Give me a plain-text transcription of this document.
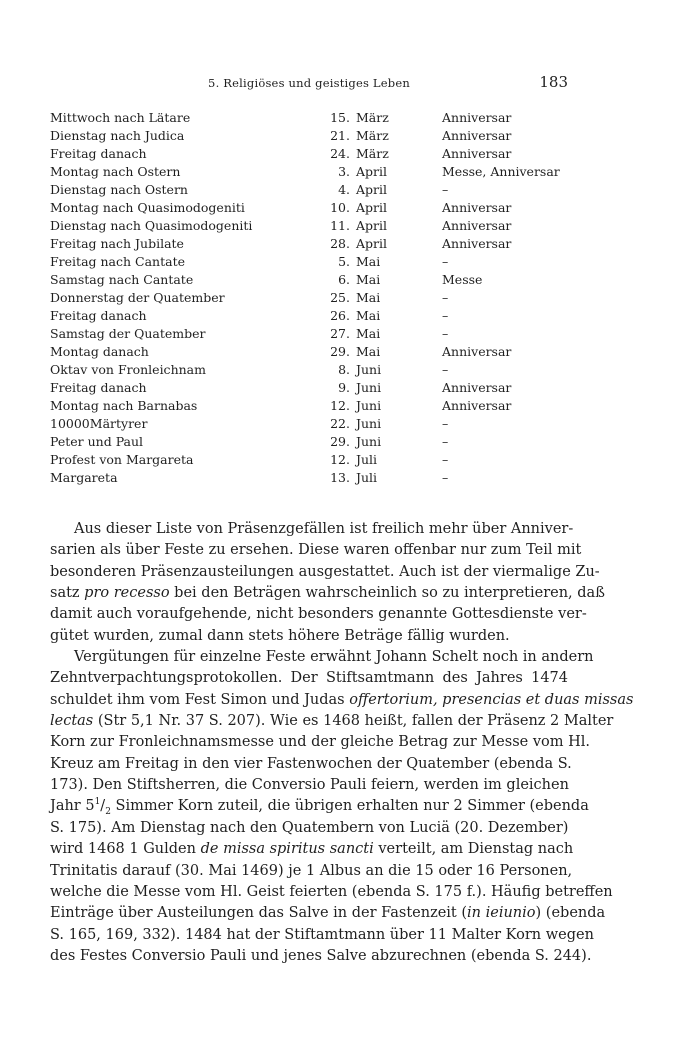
5. Religiöses und geistiges Leben	183
Mittwoch nach Lätare	15. März	Anniversar
Dienstag nach Judica	21. März	Anniversar
Freitag danach	24. März	Anniversar
Montag nach Ostern	3. April	Messe, Anniversar
Dienstag nach Ostern	4. April	–
Montag nach Quasimodogeniti	10. April	Anniversar
Dienstag nach Quasimodogeniti	11. April	Anniversar
Freitag nach Jubilate	28. April	Anniversar
Freitag nach Cantate	5. Mai	–
Samstag nach Cantate	6. Mai	Messe
Donnerstag der Quatember	25. Mai	–
Freitag danach	26. Mai	–
Samstag der Quatember	27. Mai	–
Montag danach	29. Mai	Anniversar
Oktav von Fronleichnam	8. Juni	–
Freitag danach	9. Juni	Anniversar
Montag nach Barnabas	12. Juni	Anniversar
10000Märtyrer	22. Juni	–
Peter und Paul	29. Juni	–
Profest von Margareta	12. Juli	–
Margareta	13. Juli	–
Aus dieser Liste von Präsenzgefällen ist freilich mehr über Anniver-
sarien als über Feste zu ersehen. Diese waren offenbar nur zum Teil mit
besonderen Präsenzausteilungen ausgestattet. Auch ist der viermalige Zu-
satz pro recesso bei den Beträgen wahrscheinlich so zu interpretieren, daß
damit auch voraufgehende, nicht besonders genannte Gottesdienste ver-
gütet wurden, zumal dann stets höhere Beträge fällig wurden.
Vergütungen für einzelne Feste erwähnt Johann Schelt noch in andern
Zehntverpachtungsprotokollen. Der Stiftsamtmann des Jahres 1474
schuldet ihm vom Fest Simon und Judas offertorium, presencias et duas missas
lectas (Str 5,1 Nr. 37 S. 207). Wie es 1468 heißt, fallen der Präsenz 2 Malter
Korn zur Fronleichnamsmesse und der gleiche Betrag zur Messe vom Hl.
Kreuz am Freitag in den vier Fastenwochen der Quatember (ebenda S.
173). Den Stiftsherren, die Conversio Pauli feiern, werden im gleichen
Jahr $5^1/_2$ Simmer Korn zuteil, die übrigen erhalten nur 2 Simmer (ebenda
S. 175). Am Dienstag nach den Quatembern von Luciä (20. Dezember)
wird 1468 1 Gulden de missa spiritus sancti verteilt, am Dienstag nach
Trinitatis darauf (30. Mai 1469) je 1 Albus an die 15 oder 16 Personen,
welche die Messe vom Hl. Geist feierten (ebenda S. 175 f.). Häufig betreffen
Einträge über Austeilungen das Salve in der Fastenzeit (in ieiunio) (ebenda
S. 165, 169, 332). 1484 hat der Stiftamtmann über 11 Malter Korn wegen
des Festes Conversio Pauli und jenes Salve abzurechnen (ebenda S. 244).
